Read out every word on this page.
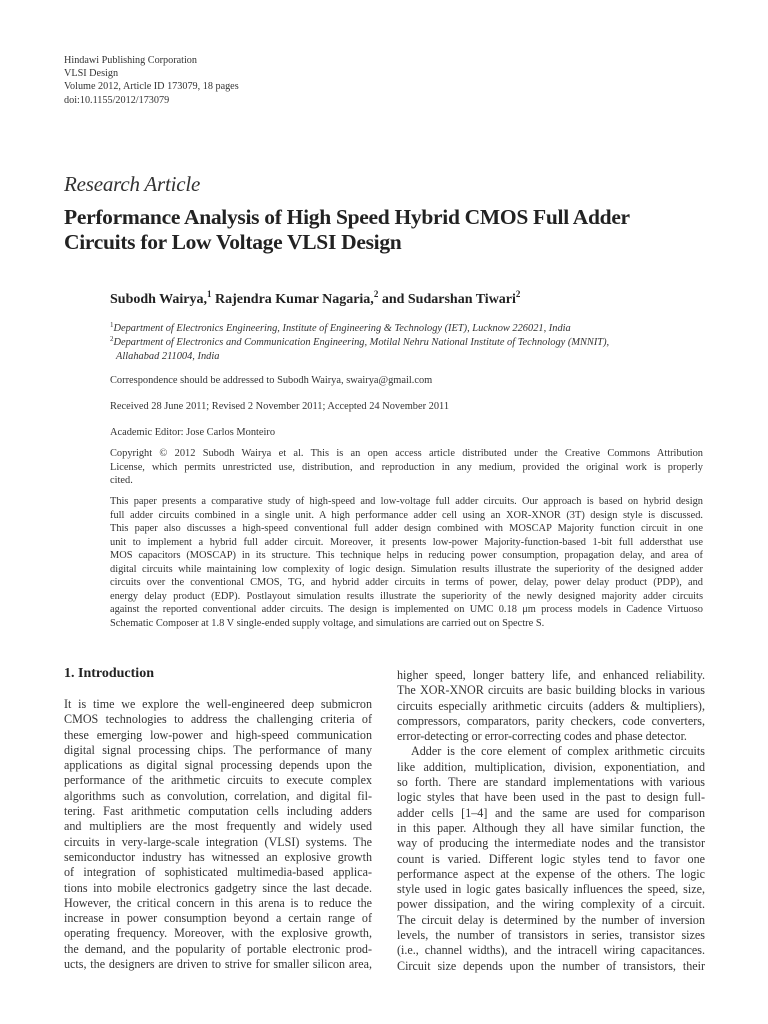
Hindawi Publishing Corporation
VLSI Design
Volume 2012, Article ID 173079, 18 pages
doi:10.1155/2012/173079
Research Article
Performance Analysis of High Speed Hybrid CMOS Full Adder
Circuits for Low Voltage VLSI Design
Subodh Wairya,$^1$ Rajendra Kumar Nagaria,$^2$ and Sudarshan Tiwari$^2$
$^1$Department of Electronics Engineering, Institute of Engineering & Technology (IET), Lucknow 226021, India
$^2$Department of Electronics and Communication Engineering, Motilal Nehru National Institute of Technology (MNNIT),
Allahabad 211004, India
Correspondence should be addressed to Subodh Wairya, swairya@gmail.com
Received 28 June 2011; Revised 2 November 2011; Accepted 24 November 2011
Academic Editor: Jose Carlos Monteiro
Copyright © 2012 Subodh Wairya et al. This is an open access article distributed under the Creative Commons Attribution
License, which permits unrestricted use, distribution, and reproduction in any medium, provided the original work is properly
cited.
This paper presents a comparative study of high-speed and low-voltage full adder circuits. Our approach is based on hybrid design
full adder circuits combined in a single unit. A high performance adder cell using an XOR-XNOR (3T) design style is discussed.
This paper also discusses a high-speed conventional full adder design combined with MOSCAP Majority function circuit in one
unit to implement a hybrid full adder circuit. Moreover, it presents low-power Majority-function-based 1-bit full addersthat use
MOS capacitors (MOSCAP) in its structure. This technique helps in reducing power consumption, propagation delay, and area of
digital circuits while maintaining low complexity of logic design. Simulation results illustrate the superiority of the designed adder
circuits over the conventional CMOS, TG, and hybrid adder circuits in terms of power, delay, power delay product (PDP), and
energy delay product (EDP). Postlayout simulation results illustrate the superiority of the newly designed majority adder circuits
against the reported conventional adder circuits. The design is implemented on UMC 0.18 μm process models in Cadence Virtuoso
Schematic Composer at 1.8 V single-ended supply voltage, and simulations are carried out on Spectre S.
1. Introduction
It is time we explore the well-engineered deep submicron
CMOS technologies to address the challenging criteria of
these emerging low-power and high-speed communication
digital signal processing chips. The performance of many
applications as digital signal processing depends upon the
performance of the arithmetic circuits to execute complex
algorithms such as convolution, correlation, and digital fil-
tering. Fast arithmetic computation cells including adders
and multipliers are the most frequently and widely used
circuits in very-large-scale integration (VLSI) systems. The
semiconductor industry has witnessed an explosive growth
of integration of sophisticated multimedia-based applica-
tions into mobile electronics gadgetry since the last decade.
However, the critical concern in this arena is to reduce the
increase in power consumption beyond a certain range of
operating frequency. Moreover, with the explosive growth,
the demand, and the popularity of portable electronic prod-
ucts, the designers are driven to strive for smaller silicon area,
higher speed, longer battery life, and enhanced reliability.
The XOR-XNOR circuits are basic building blocks in various
circuits especially arithmetic circuits (adders & multipliers),
compressors, comparators, parity checkers, code converters,
error-detecting or error-correcting codes and phase detector.
Adder is the core element of complex arithmetic circuits
like addition, multiplication, division, exponentiation, and
so forth. There are standard implementations with various
logic styles that have been used in the past to design full-
adder cells [1–4] and the same are used for comparison
in this paper. Although they all have similar function, the
way of producing the intermediate nodes and the transistor
count is varied. Different logic styles tend to favor one
performance aspect at the expense of the others. The logic
style used in logic gates basically influences the speed, size,
power dissipation, and the wiring complexity of a circuit.
The circuit delay is determined by the number of inversion
levels, the number of transistors in series, transistor sizes
(i.e., channel widths), and the intracell wiring capacitances.
Circuit size depends upon the number of transistors, their
